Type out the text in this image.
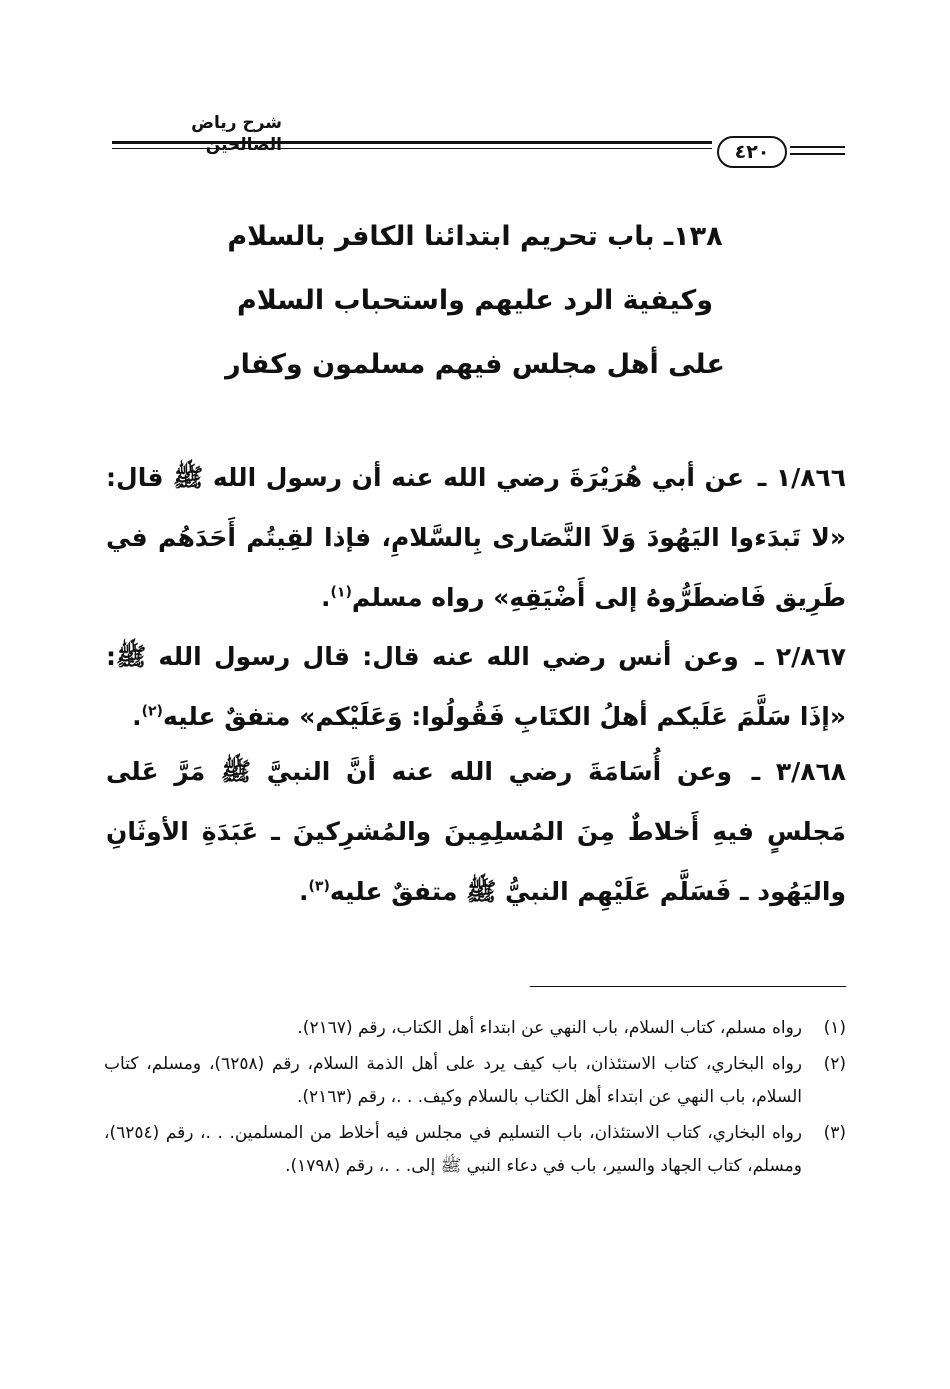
شرح رياض الصالحين	٤٢٠
١٣٨ـ باب تحريم ابتدائنا الكافر بالسلام
وكيفية الرد عليهم واستحباب السلام
على أهل مجلس فيهم مسلمون وكفار

١/٨٦٦ ـ عن أبي هُرَيْرَةَ رضي الله عنه أن رسول الله ﷺ قال: «لا تَبدَءوا اليَهُودَ وَلاَ النَّصَارى بِالسَّلامِ، فإذا لقِيتُم أَحَدَهُم في طَرِيق فَاضطَرُّوهُ إلى أَضْيَقِهِ» رواه مسلم$^{(١)}$.

٢/٨٦٧ ـ وعن أنس رضي الله عنه قال: قال رسول الله ﷺ: «إذَا سَلَّمَ عَلَيكم أهلُ الكتَابِ فَقُولُوا: وَعَلَيْكم» متفقٌ عليه$^{(٢)}$.

٣/٨٦٨ ـ وعن أُسَامَةَ رضي الله عنه أنَّ النبيَّ ﷺ مَرَّ عَلى مَجلسٍ فيهِ أَخلاطٌ مِنَ المُسلِمِينَ والمُشرِكينَ ـ عَبَدَةِ الأوثَانِ واليَهُود ـ فَسَلَّم عَلَيْهِم النبيُّ ﷺ متفقٌ عليه$^{(٣)}$.

(١)
رواه مسلم، كتاب السلام، باب النهي عن ابتداء أهل الكتاب، رقم (٢١٦٧).
(٢)
رواه البخاري، كتاب الاستئذان، باب كيف يرد على أهل الذمة السلام، رقم (٦٢٥٨)، ومسلم، كتاب السلام، باب النهي عن ابتداء أهل الكتاب بالسلام وكيف. . .، رقم (٢١٦٣).
(٣)
رواه البخاري، كتاب الاستئذان، باب التسليم في مجلس فيه أخلاط من المسلمين. . .، رقم (٦٢٥٤)، ومسلم، كتاب الجهاد والسير، باب في دعاء النبي ﷺ إلى. . .، رقم (١٧٩٨).
